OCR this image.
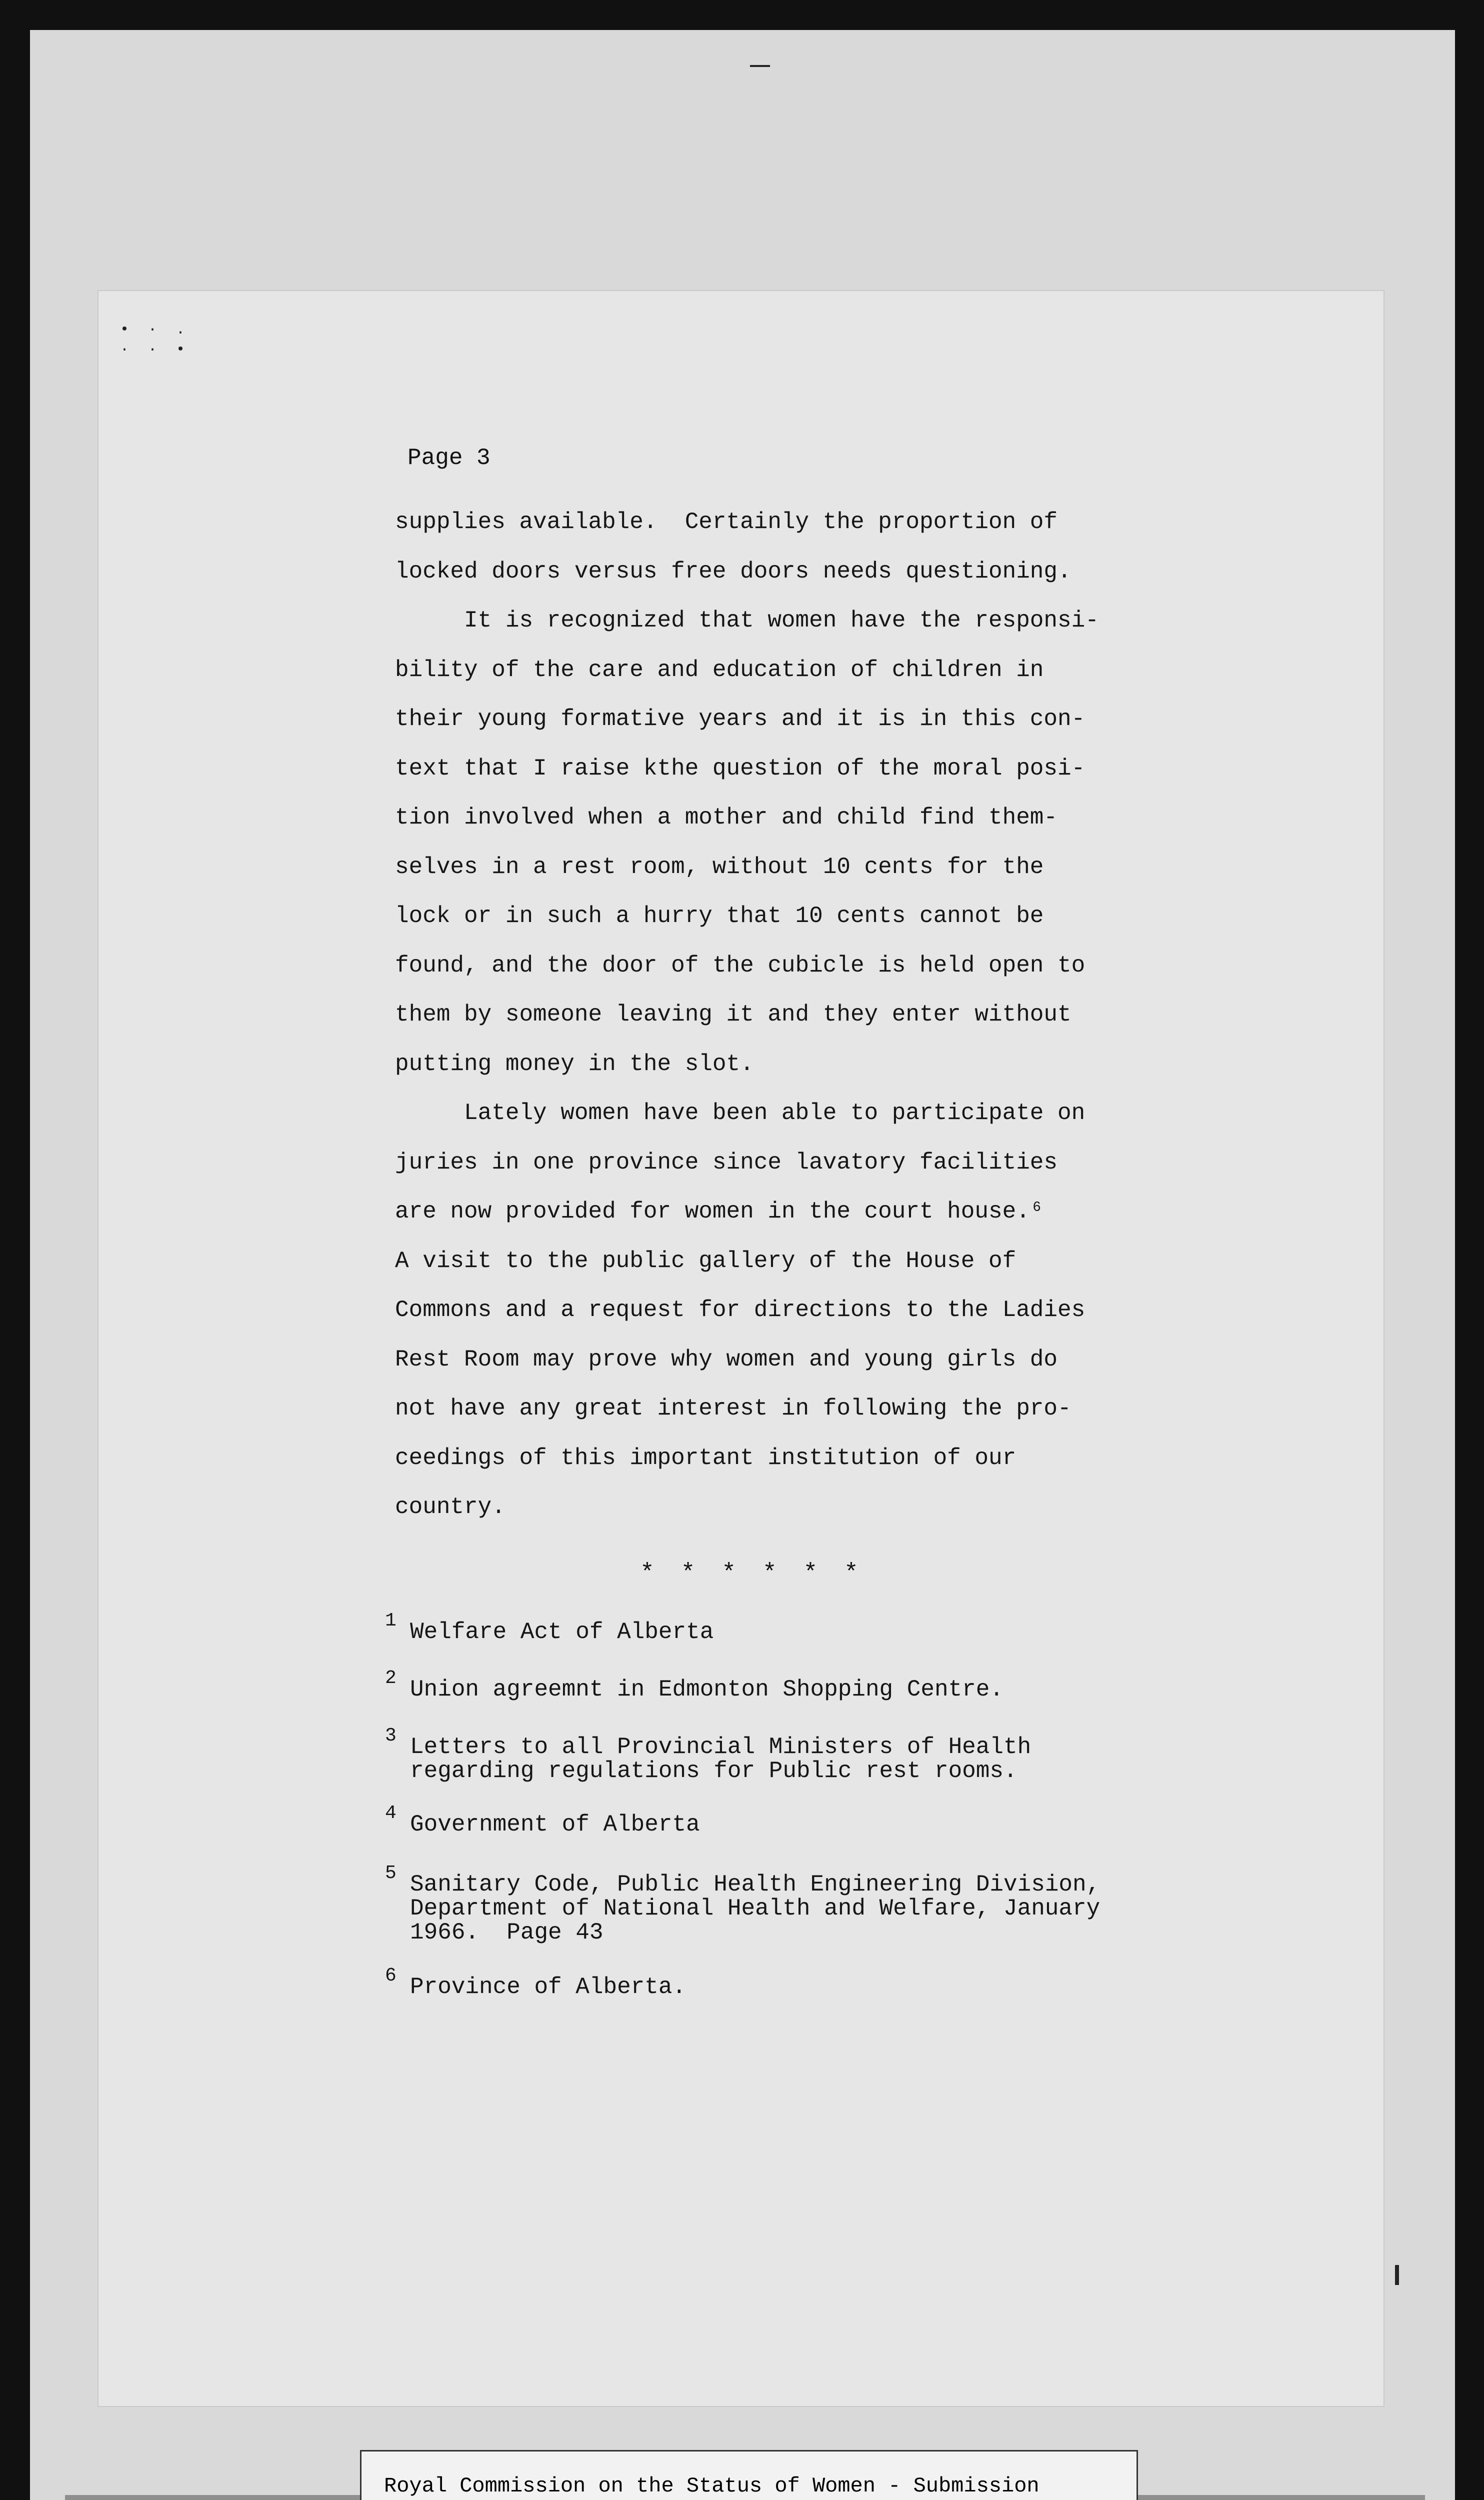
• · .
· · •
Page 3
supplies available.  Certainly the proportion of
locked doors versus free doors needs questioning.
It is recognized that women have the responsi-
bility of the care and education of children in
their young formative years and it is in this con-
text that I raise kthe question of the moral posi-
tion involved when a mother and child find them-
selves in a rest room, without 10 cents for the
lock or in such a hurry that 10 cents cannot be
found, and the door of the cubicle is held open to
them by someone leaving it and they enter without
putting money in the slot.
Lately women have been able to participate on
juries in one province since lavatory facilities
are now provided for women in the court house.⁶
A visit to the public gallery of the House of
Commons and a request for directions to the Ladies
Rest Room may prove why women and young girls do
not have any great interest in following the pro-
ceedings of this important institution of our
country.
* * * * * *
1 Welfare Act of Alberta
2 Union agreemnt in Edmonton Shopping Centre.
3 Letters to all Provincial Ministers of Health
regarding regulations for Public rest rooms.
4 Government of Alberta
5 Sanitary Code, Public Health Engineering Division,
Department of National Health and Welfare, January
1966.  Page 43
6 Province of Alberta.
Royal Commission on the Status of Women - Submission
